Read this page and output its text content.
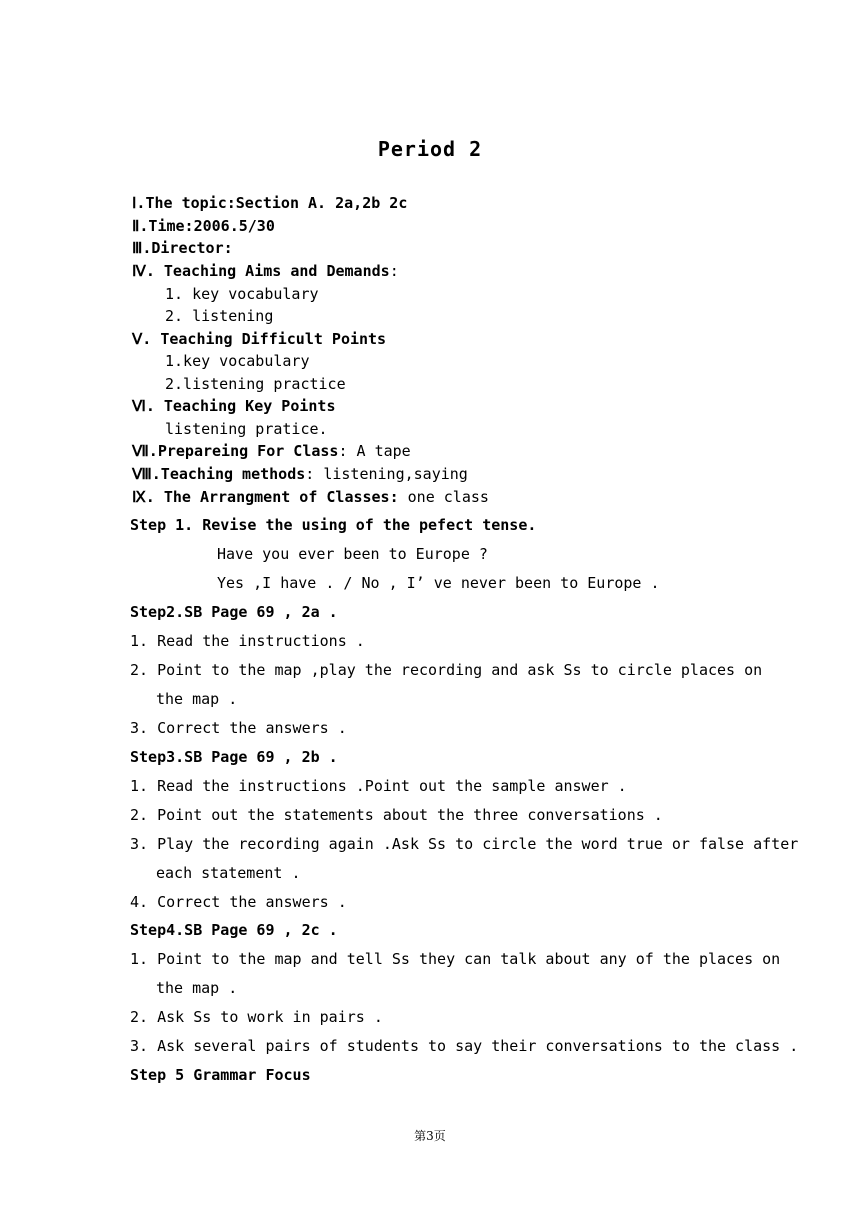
Period 2
Ⅰ.The topic:Section A. 2a,2b 2c
Ⅱ.Time:2006.5/30
Ⅲ.Director:
Ⅳ. Teaching Aims and Demands:
1. key vocabulary
2. listening
Ⅴ. Teaching Difficult Points
1.key vocabulary
2.listening practice
Ⅵ. Teaching Key Points
listening pratice.
Ⅶ.Prepareing For Class: A tape
Ⅷ.Teaching methods: listening,saying
Ⅸ. The Arrangment of Classes: one class
Step 1. Revise the using of the pefect tense.
Have you ever been to Europe ?
Yes ,I have . / No , I’ ve never been to Europe .
Step2.SB Page 69 , 2a .
1. Read the instructions .
2. Point to the map ,play the recording and ask Ss to circle places on
the map .
3. Correct the answers .
Step3.SB Page 69 , 2b .
1. Read the instructions .Point out the sample answer .
2. Point out the statements about the three conversations .
3. Play the recording again .Ask Ss to circle the word true or false after
each statement .
4. Correct the answers .
Step4.SB Page 69 , 2c .
1. Point to the map and tell Ss they can talk about any of the places on
the map .
2. Ask Ss to work in pairs .
3. Ask several pairs of students to say their conversations to the class .
Step 5 Grammar Focus
第3页
